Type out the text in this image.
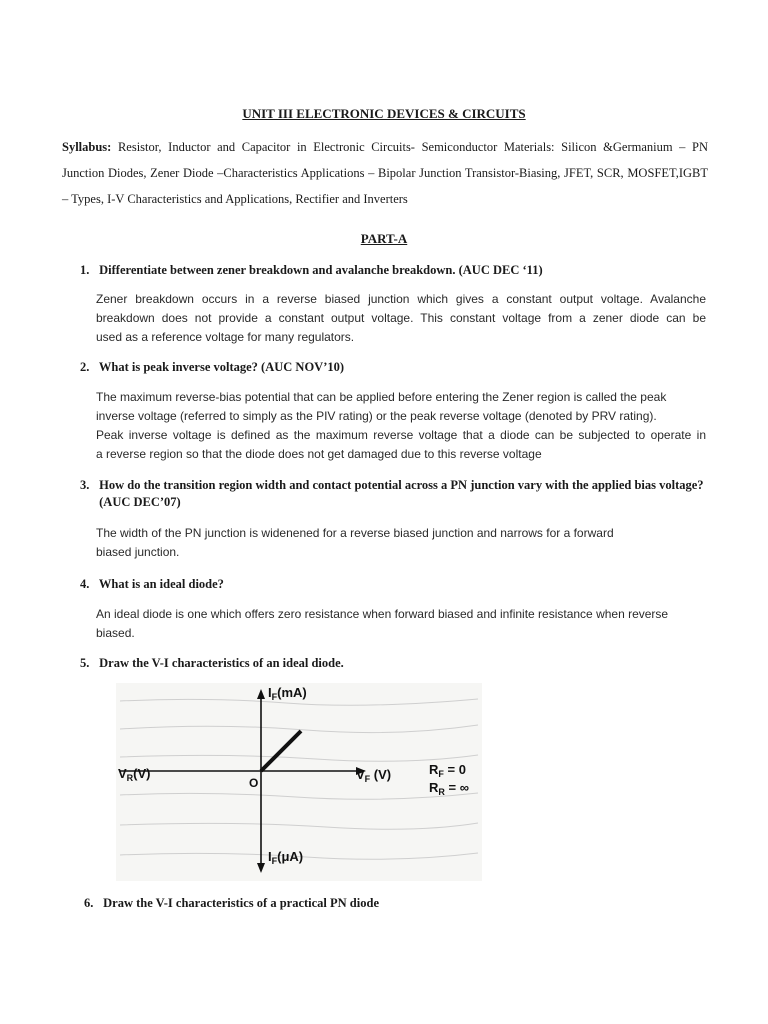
UNIT III ELECTRONIC DEVICES & CIRCUITS
Syllabus: Resistor, Inductor and Capacitor in Electronic Circuits- Semiconductor Materials: Silicon &Germanium – PN Junction Diodes, Zener Diode –Characteristics Applications – Bipolar Junction Transistor-Biasing, JFET, SCR, MOSFET,IGBT – Types, I-V Characteristics and Applications, Rectifier and Inverters
PART-A
1. Differentiate between zener breakdown and avalanche breakdown. (AUC DEC ‘11)
Zener breakdown occurs in a reverse biased junction which gives a constant output voltage. Avalanche
breakdown does not provide a constant output voltage. This constant voltage from a zener diode can be
used as a reference voltage for many regulators.
2. What is peak inverse voltage? (AUC NOV’10)
The maximum reverse-bias potential that can be applied before entering the Zener region is called the peak
inverse voltage (referred to simply as the PIV rating) or the peak reverse voltage (denoted by PRV rating).
Peak inverse voltage is defined as the maximum reverse voltage that a diode can be subjected to operate in
a reverse region so that the diode does not get damaged due to this reverse voltage
3. How do the transition region width and contact potential across a PN junction vary with the applied bias voltage? (AUC DEC’07)
The width of the PN junction is widenened for a reverse biased junction and narrows for a forward
biased junction.
4. What is an ideal diode?
An ideal diode is one which offers zero resistance when forward biased and infinite resistance when reverse
biased.
5. Draw the V-I characteristics of an ideal diode.
$I_F(mA)$
$I_F(\mu A)$
$V_R(V)$	$V_F$ (V)
O
$R_F = 0$
$R_R$ = ∞
6. Draw the V-I characteristics of a practical PN diode
